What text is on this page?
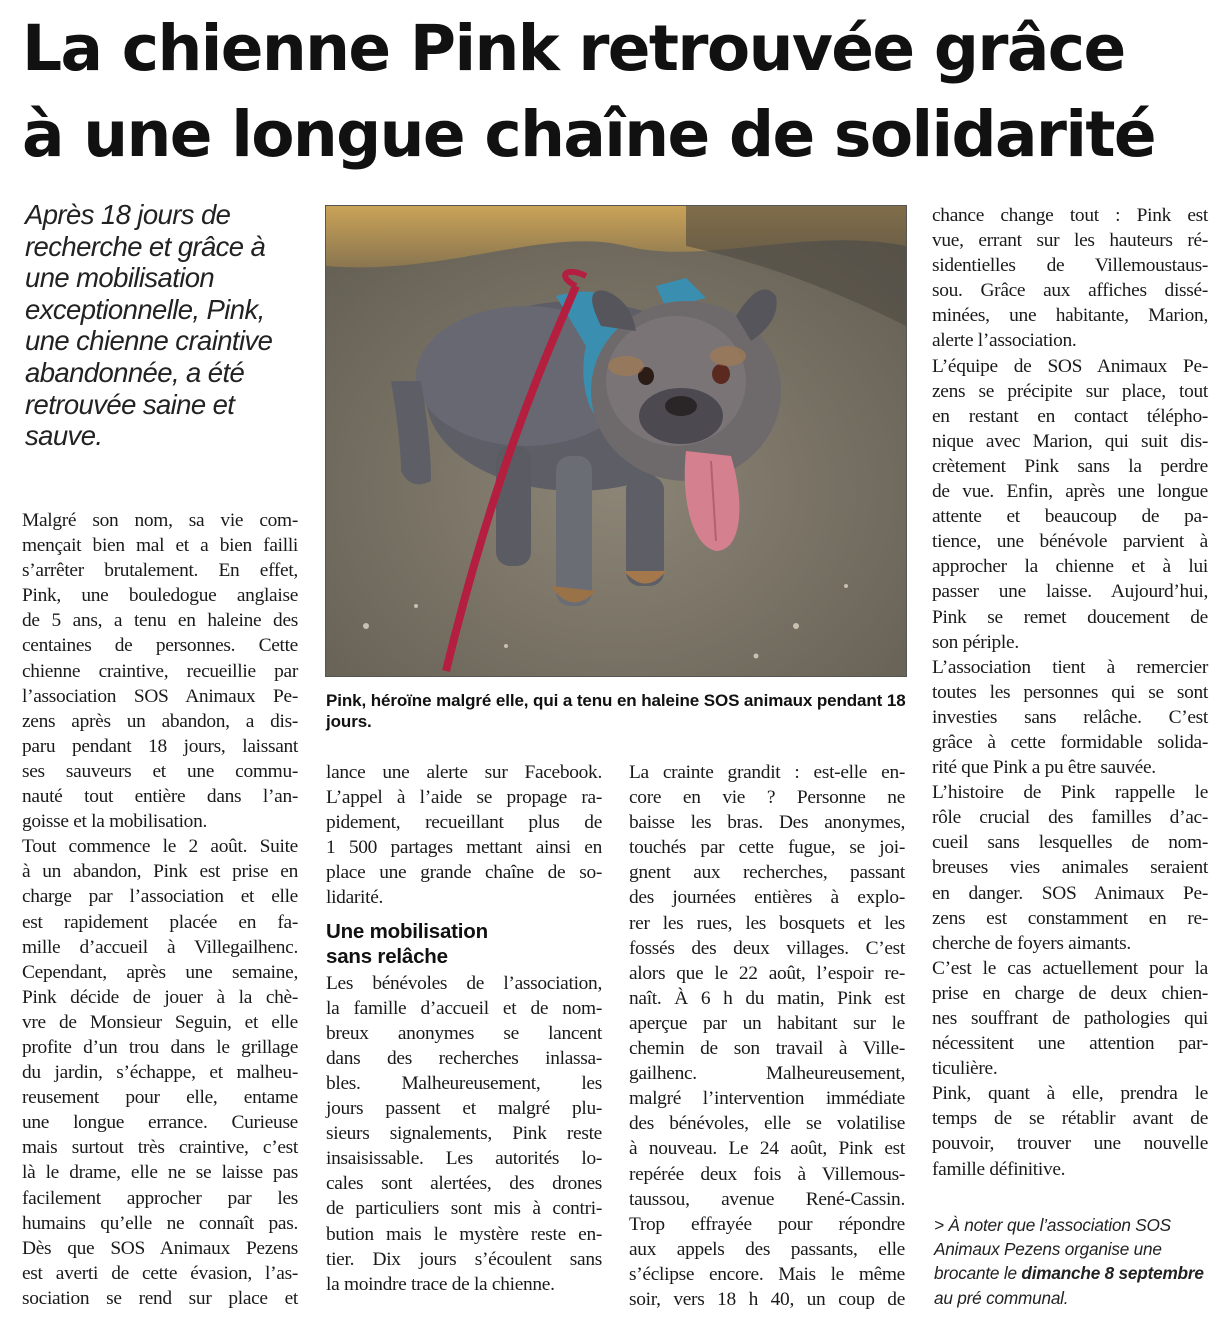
La chienne Pink retrouvée grâce
à une longue chaîne de solidarité
Après 18 jours de
recherche et grâce à
une mobilisation
exceptionnelle, Pink,
une chienne craintive
abandonnée, a été
retrouvée saine et
sauve.
Malgré son nom, sa vie com-
mençait bien mal et a bien failli
s’arrêter brutalement. En effet,
Pink, une bouledogue anglaise
de 5 ans, a tenu en haleine des
centaines de personnes. Cette
chienne craintive, recueillie par
l’association SOS Animaux Pe-
zens après un abandon, a dis-
paru pendant 18 jours, laissant
ses sauveurs et une commu-
nauté tout entière dans l’an-
goisse et la mobilisation.
Tout commence le 2 août. Suite
à un abandon, Pink est prise en
charge par l’association et elle
est rapidement placée en fa-
mille d’accueil à Villegailhenc.
Cependant, après une semaine,
Pink décide de jouer à la chè-
vre de Monsieur Seguin, et elle
profite d’un trou dans le grillage
du jardin, s’échappe, et malheu-
reusement pour elle, entame
une longue errance. Curieuse
mais surtout très craintive, c’est
là le drame, elle ne se laisse pas
facilement approcher par les
humains qu’elle ne connaît pas.
Dès que SOS Animaux Pezens
est averti de cette évasion, l’as-
sociation se rend sur place et
Pink, héroïne malgré elle, qui a tenu en haleine SOS animaux pendant 18 jours.
lance une alerte sur Facebook.
L’appel à l’aide se propage ra-
pidement, recueillant plus de
1 500 partages mettant ainsi en
place une grande chaîne de so-
lidarité.
Une mobilisation
sans relâche
Les bénévoles de l’association,
la famille d’accueil et de nom-
breux anonymes se lancent
dans des recherches inlassa-
bles. Malheureusement, les
jours passent et malgré plu-
sieurs signalements, Pink reste
insaisissable. Les autorités lo-
cales sont alertées, des drones
de particuliers sont mis à contri-
bution mais le mystère reste en-
tier. Dix jours s’écoulent sans
la moindre trace de la chienne.
La crainte grandit : est-elle en-
core en vie ? Personne ne
baisse les bras. Des anonymes,
touchés par cette fugue, se joi-
gnent aux recherches, passant
des journées entières à explo-
rer les rues, les bosquets et les
fossés des deux villages. C’est
alors que le 22 août, l’espoir re-
naît. À 6 h du matin, Pink est
aperçue par un habitant sur le
chemin de son travail à Ville-
gailhenc. Malheureusement,
malgré l’intervention immédiate
des bénévoles, elle se volatilise
à nouveau. Le 24 août, Pink est
repérée deux fois à Villemous-
taussou, avenue René-Cassin.
Trop effrayée pour répondre
aux appels des passants, elle
s’éclipse encore. Mais le même
soir, vers 18 h 40, un coup de
chance change tout : Pink est
vue, errant sur les hauteurs ré-
sidentielles de Villemoustaus-
sou. Grâce aux affiches dissé-
minées, une habitante, Marion,
alerte l’association.
L’équipe de SOS Animaux Pe-
zens se précipite sur place, tout
en restant en contact télépho-
nique avec Marion, qui suit dis-
crètement Pink sans la perdre
de vue. Enfin, après une longue
attente et beaucoup de pa-
tience, une bénévole parvient à
approcher la chienne et à lui
passer une laisse. Aujourd’hui,
Pink se remet doucement de
son périple.
L’association tient à remercier
toutes les personnes qui se sont
investies sans relâche. C’est
grâce à cette formidable solida-
rité que Pink a pu être sauvée.
L’histoire de Pink rappelle le
rôle crucial des familles d’ac-
cueil sans lesquelles de nom-
breuses vies animales seraient
en danger. SOS Animaux Pe-
zens est constamment en re-
cherche de foyers aimants.
C’est le cas actuellement pour la
prise en charge de deux chien-
nes souffrant de pathologies qui
nécessitent une attention par-
ticulière.
Pink, quant à elle, prendra le
temps de se rétablir avant de
pouvoir, trouver une nouvelle
famille définitive.
> À noter que l’association SOS
Animaux Pezens organise une
brocante le dimanche 8 septembre
au pré communal.
